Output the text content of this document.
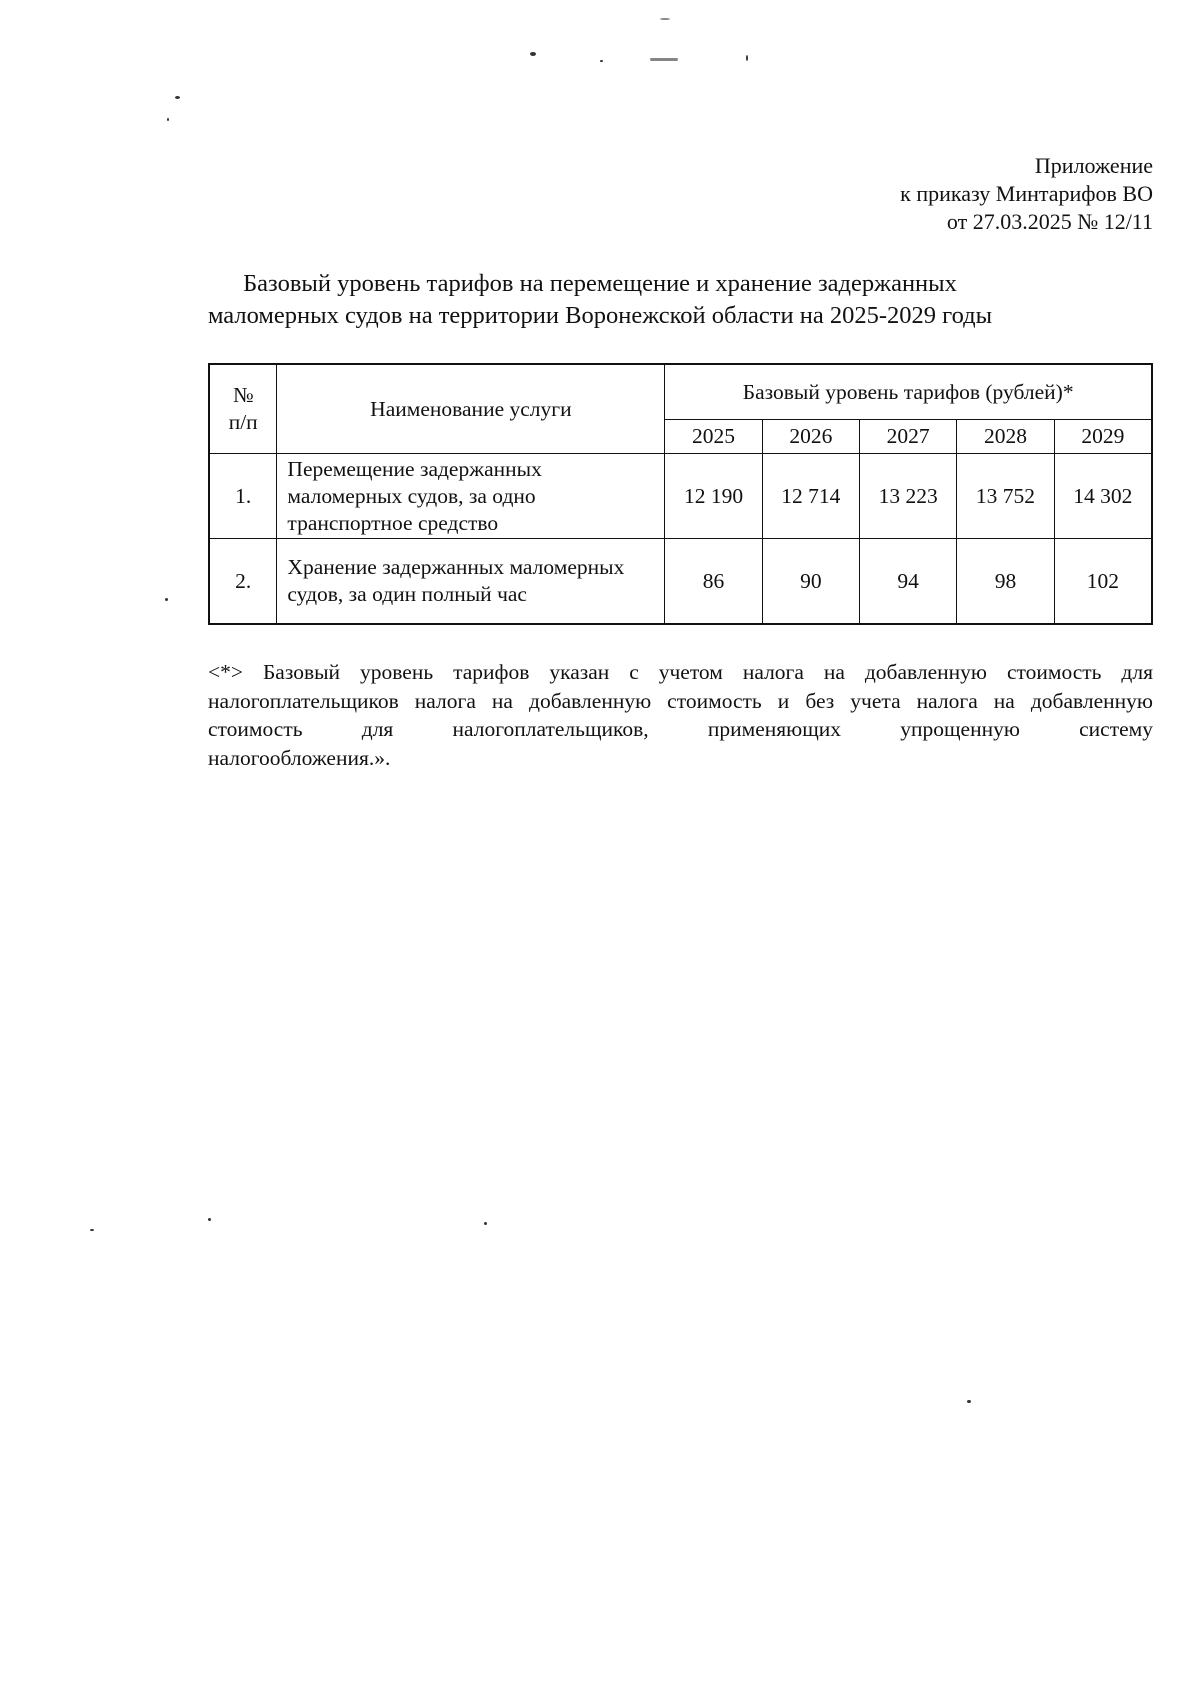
Приложение
к приказу Минтарифов ВО
от 27.03.2025 № 12/11
Базовый уровень тарифов на перемещение и хранение задержанных
маломерных судов на территории Воронежской области на 2025-2029 годы
№
п/п	Наименование услуги	Базовый уровень тарифов (рублей)*				
		2025	2026	2027	2028	2029
1.	Перемещение задержанных маломерных судов, за одно транспортное средство	12 190	12 714	13 223	13 752	14 302
2.	Хранение задержанных маломерных судов, за один полный час	86	90	94	98	102
<*> Базовый уровень тарифов указан с учетом налога на добавленную стоимость для
налогоплательщиков налога на добавленную стоимость и без учета налога на добавленную
стоимость для налогоплательщиков, применяющих упрощенную систему
налогообложения.».
